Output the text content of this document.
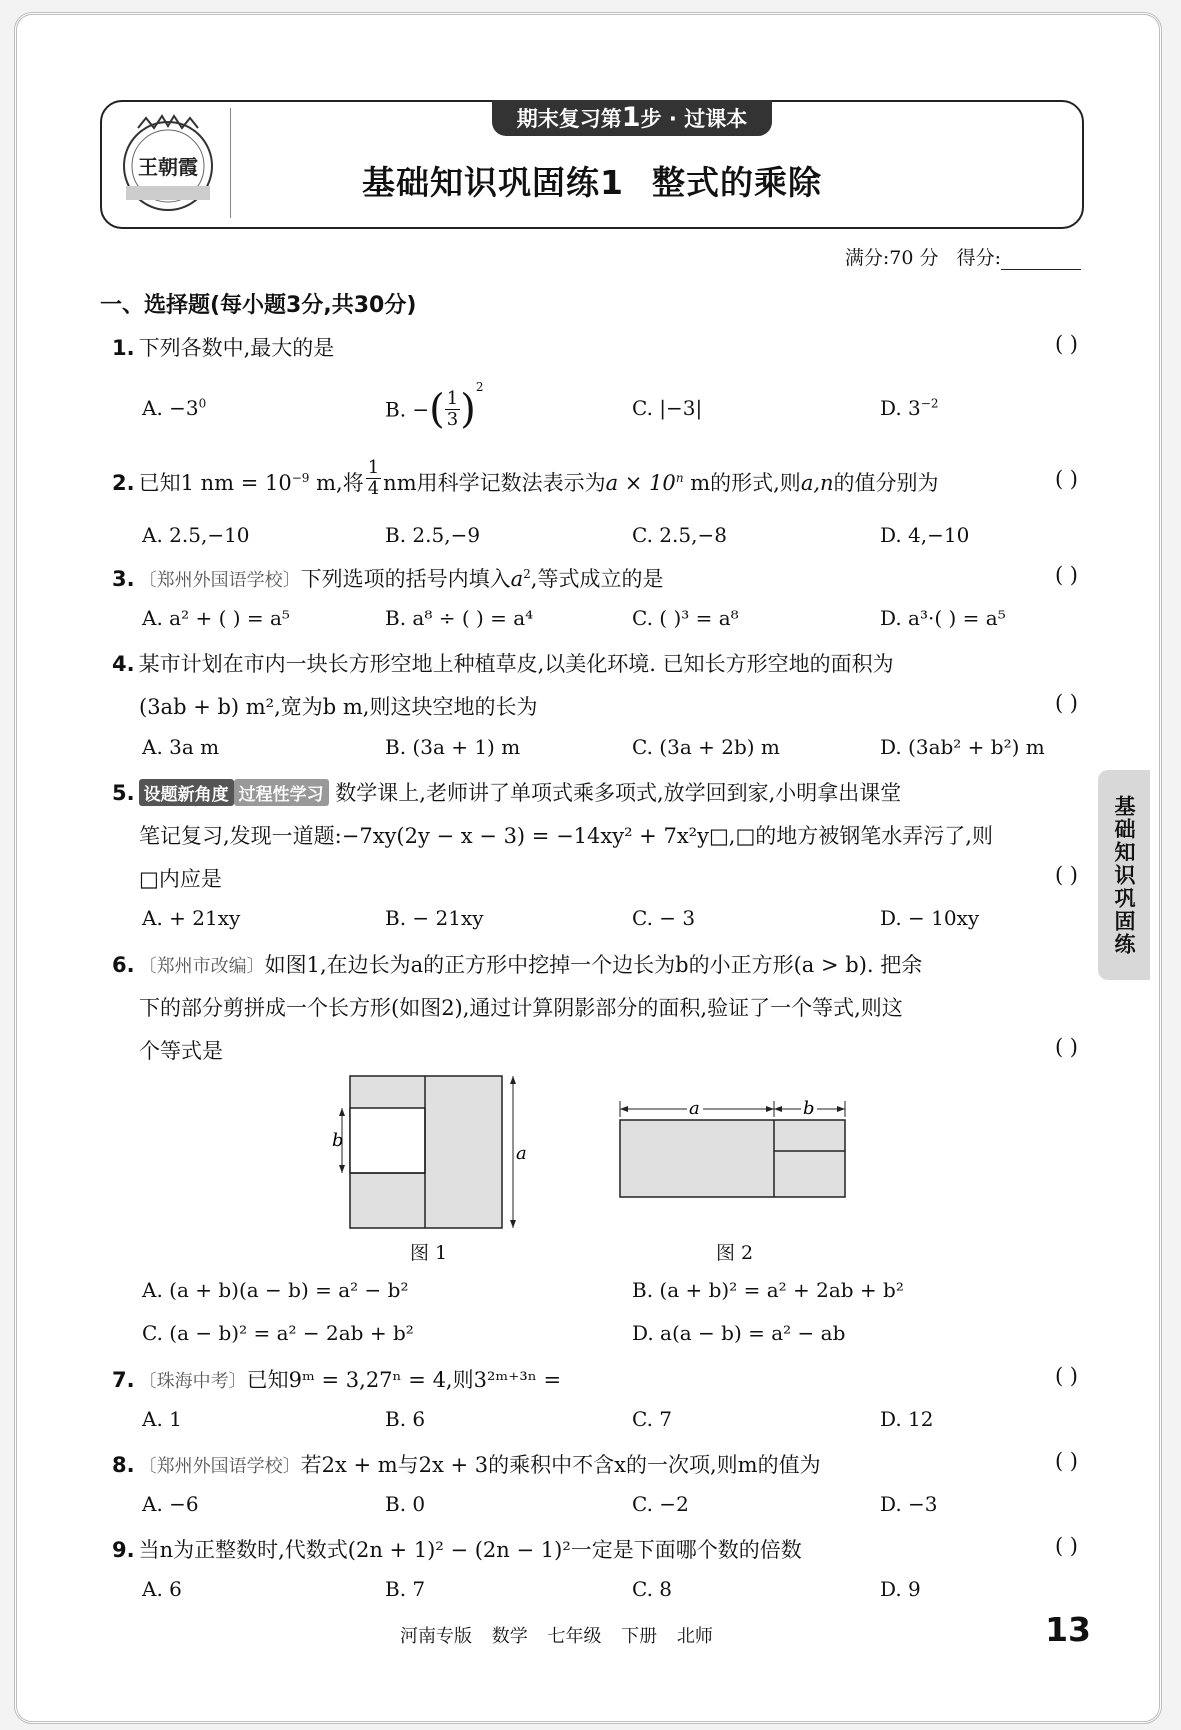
王朝霞
期末复习第1步 · 过课本
基础知识巩固练1 整式的乘除
满分:70 分 得分:
一、选择题(每小题3分,共30分)
1. 下列各数中,最大的是	( )
A. $-3^0$	B. −( $\frac{1}{3})^2$
C. |−3|	D. $3^{-2}$
2. 已知1 nm = $10^{-9}$ m,将 $\frac{1}{4}nm$用科学记数法表示为$a \times 10^n$ m的形式,则a,n的值分别为	( )
A. 2.5,−10	B. 2.5,−9	C. 2.5,−8	D. 4,−10
3. 〔郑州外国语学校〕下列选项的括号内填入$a^2$,等式成立的是	( )
A. a² + ( ) = a⁵	B. a⁸ ÷ ( ) = a⁴	C. ( )³ = a⁸	D. a³·( ) = a⁵
4. 某市计划在市内一块长方形空地上种植草皮,以美化环境. 已知长方形空地的面积为
(3ab + b) m²,宽为b m,则这块空地的长为	( )
A. 3a m	B. (3a + 1) m	C. (3a + 2b) m	D. (3ab² + b²) m
5. 设题新角度 过程性学习 数学课上,老师讲了单项式乘多项式,放学回到家,小明拿出课堂
笔记复习,发现一道题:−7xy(2y − x − 3) = −14xy² + 7x²y□,□的地方被钢笔水弄污了,则
□内应是	( )
A. + 21xy	B. − 21xy	C. − 3	D. − 10xy	基础知识巩固练
6. 〔郑州市改编〕如图1,在边长为a的正方形中挖掉一个边长为b的小正方形(a > b). 把余
下的部分剪拼成一个长方形(如图2),通过计算阴影部分的面积,验证了一个等式,则这
个等式是	( )
b
a
图 1
a	b
图 2
A. (a + b)(a − b) = a² − b²	B. (a + b)² = a² + 2ab + b²
C. (a − b)² = a² − 2ab + b²	D. a(a − b) = a² − ab
7. 〔珠海中考〕已知9ᵐ = 3,27ⁿ = 4,则3²ᵐ⁺³ⁿ =	( )
A. 1	B. 6	C. 7	D. 12
8. 〔郑州外国语学校〕若2x + m与2x + 3的乘积中不含x的一次项,则m的值为	( )
A. −6	B. 0	C. −2	D. −3
9. 当n为正整数时,代数式(2n + 1)² − (2n − 1)²一定是下面哪个数的倍数	( )
A. 6	B. 7	C. 8	D. 9
河南专版 数学 七年级 下册 北师	13
